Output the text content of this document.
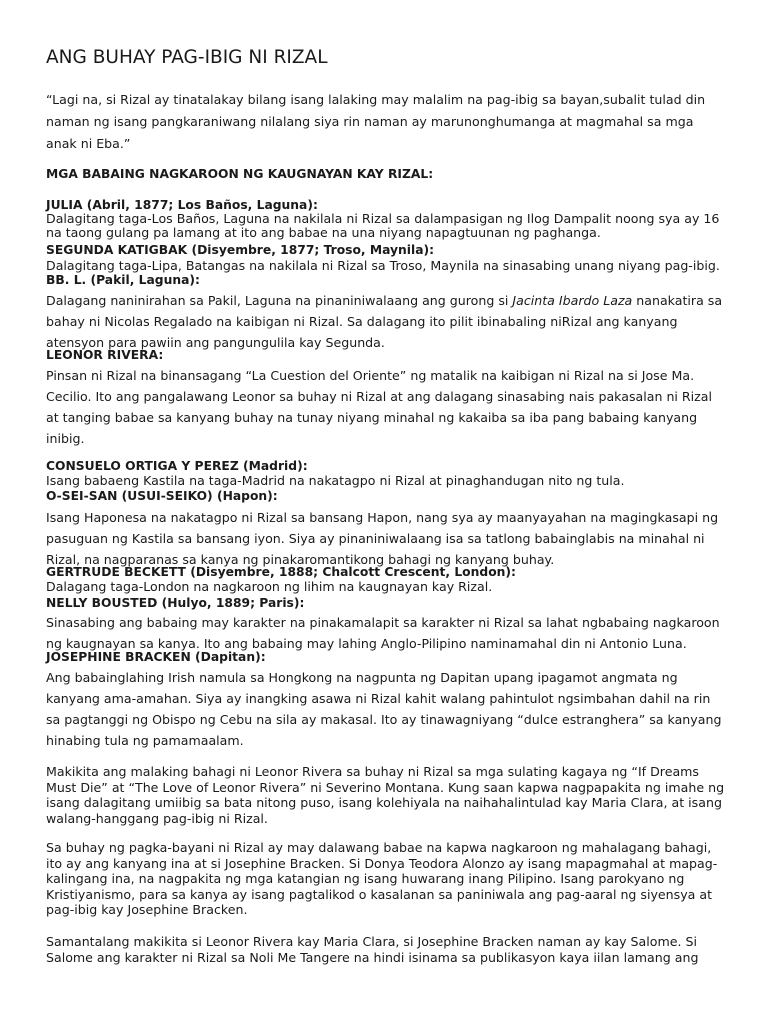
ANG BUHAY PAG-IBIG NI RIZAL

“Lagi na, si Rizal ay tinatalakay bilang isang lalaking may malalim na pag-ibig sa bayan,subalit tulad din naman ng isang pangkaraniwang nilalang siya rin naman ay marunonghumanga at magmahal sa mga anak ni Eba.”

MGA BABAING NAGKAROON NG KAUGNAYAN KAY RIZAL:

JULIA (Abril, 1877; Los Baños, Laguna):

Dalagitang taga-Los Baños, Laguna na nakilala ni Rizal sa dalampasigan ng Ilog Dampalit noong sya ay 16 na taong gulang pa lamang at ito ang babae na una niyang napagtuunan ng paghanga.

SEGUNDA KATIGBAK (Disyembre, 1877; Troso, Maynila):

Dalagitang taga-Lipa, Batangas na nakilala ni Rizal sa Troso, Maynila na sinasabing unang niyang pag-ibig.

BB. L. (Pakil, Laguna):

Dalagang naninirahan sa Pakil, Laguna na pinaniniwalaang ang gurong si Jacinta Ibardo Laza nanakatira sa bahay ni Nicolas Regalado na kaibigan ni Rizal. Sa dalagang ito pilit ibinabaling niRizal ang kanyang atensyon para pawiin ang pangungulila kay Segunda.

LEONOR RIVERA:

Pinsan ni Rizal na binansagang “La Cuestion del Oriente” ng matalik na kaibigan ni Rizal na si Jose Ma. Cecilio. Ito ang pangalawang Leonor sa buhay ni Rizal at ang dalagang sinasabing nais pakasalan ni Rizal at tanging babae sa kanyang buhay na tunay niyang minahal ng kakaiba sa iba pang babaing kanyang inibig.

CONSUELO ORTIGA Y PEREZ (Madrid):

Isang babaeng Kastila na taga-Madrid na nakatagpo ni Rizal at pinaghandugan nito ng tula.

O-SEI-SAN (USUI-SEIKO) (Hapon):

Isang Haponesa na nakatagpo ni Rizal sa bansang Hapon, nang sya ay maanyayahan na magingkasapi ng pasuguan ng Kastila sa bansang iyon. Siya ay pinaniniwalaang isa sa tatlong babainglabis na minahal ni Rizal, na nagparanas sa kanya ng pinakaromantikong bahagi ng kanyang buhay.

GERTRUDE BECKETT (Disyembre, 1888; Chalcott Crescent, London):

Dalagang taga-London na nagkaroon ng lihim na kaugnayan kay Rizal.

NELLY BOUSTED (Hulyo, 1889; Paris):

Sinasabing ang babaing may karakter na pinakamalapit sa karakter ni Rizal sa lahat ngbabaing nagkaroon ng kaugnayan sa kanya. Ito ang babaing may lahing Anglo-Pilipino naminamahal din ni Antonio Luna.

JOSEPHINE BRACKEN (Dapitan):

Ang babainglahing Irish namula sa Hongkong na nagpunta ng Dapitan upang ipagamot angmata ng kanyang ama-amahan. Siya ay inangking asawa ni Rizal kahit walang pahintulot ngsimbahan dahil na rin sa pagtanggi ng Obispo ng Cebu na sila ay makasal. Ito ay tinawagniyang “dulce estranghera” sa kanyang hinabing tula ng pamamaalam.

Makikita ang malaking bahagi ni Leonor Rivera sa buhay ni Rizal sa mga sulating kagaya ng “If Dreams Must Die” at “The Love of Leonor Rivera” ni Severino Montana. Kung saan kapwa nagpapakita ng imahe ng isang dalagitang umiibig sa bata nitong puso, isang kolehiyala na naihahalintulad kay Maria Clara, at isang walang-hanggang pag-ibig ni Rizal.

Sa buhay ng pagka-bayani ni Rizal ay may dalawang babae na kapwa nagkaroon ng mahalagang bahagi, ito ay ang kanyang ina at si Josephine Bracken. Si Donya Teodora Alonzo ay isang mapagmahal at mapag-kalingang ina, na nagpakita ng mga katangian ng isang huwarang inang Pilipino. Isang parokyano ng Kristiyanismo, para sa kanya ay isang pagtalikod o kasalanan sa paniniwala ang pag-aaral ng siyensya at pag-ibig kay Josephine Bracken.

Samantalang makikita si Leonor Rivera kay Maria Clara, si Josephine Bracken naman ay kay Salome. Si Salome ang karakter ni Rizal sa Noli Me Tangere na hindi isinama sa publikasyon kaya iilan lamang ang
